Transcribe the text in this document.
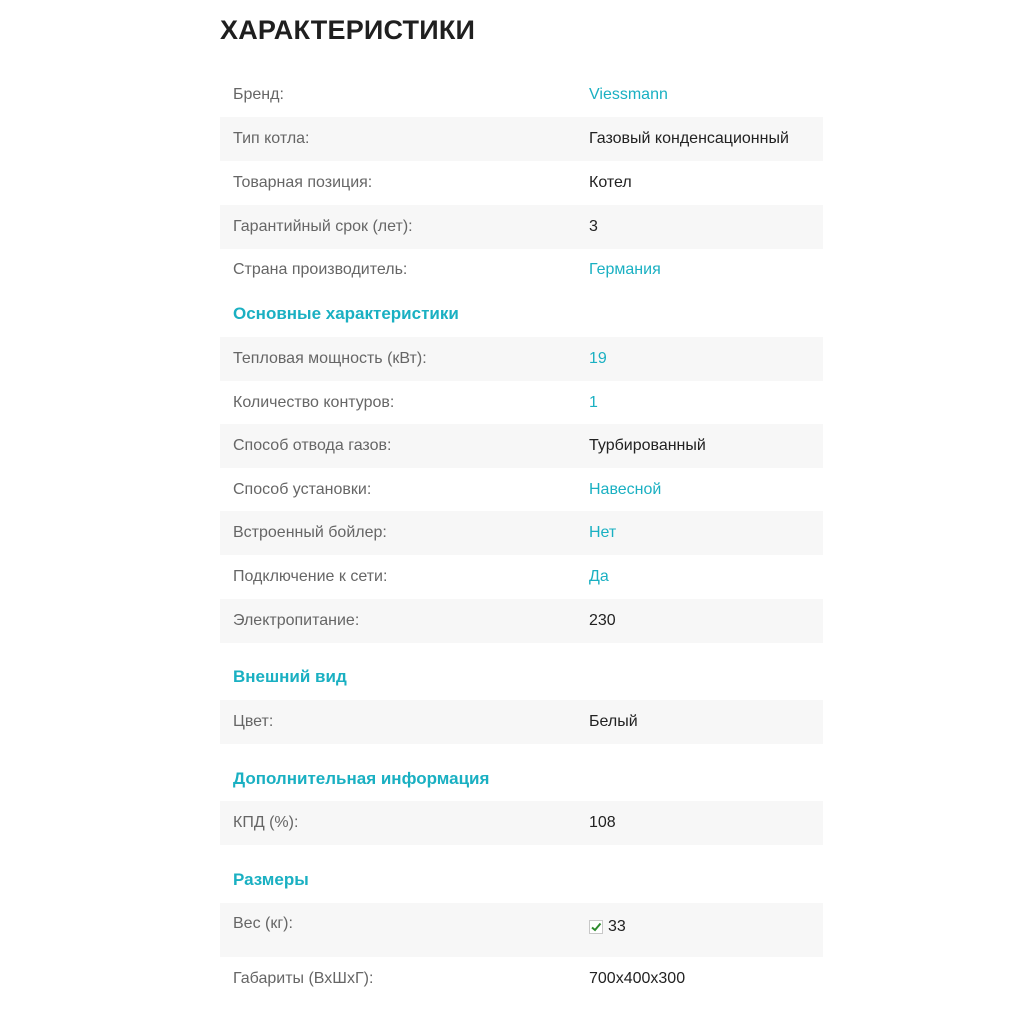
ХАРАКТЕРИСТИКИ
Бренд:	Viessmann
Тип котла:	Газовый конденсационный
Товарная позиция:	Котел
Гарантийный срок (лет):	3
Страна производитель:	Германия
Основные характеристики
Тепловая мощность (кВт):	19
Количество контуров:	1
Способ отвода газов:	Турбированный
Способ установки:	Навесной
Встроенный бойлер:	Нет
Подключение к сети:	Да
Электропитание:	230
Внешний вид
Цвет:	Белый
Дополнительная информация
КПД (%):	108
Размеры
Вес (кг):	33
Габариты (ВхШхГ):	700x400x300
